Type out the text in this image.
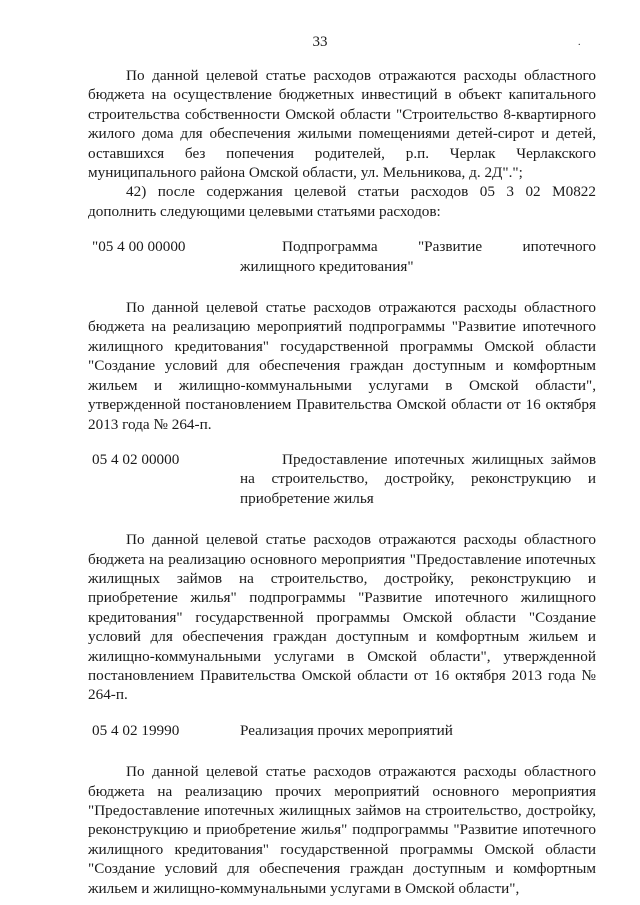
33	.

По данной целевой статье расходов отражаются расходы областного бюджета на осуществление бюджетных инвестиций в объект капитального строительства собственности Омской области "Строительство 8-квартирного жилого дома для обеспечения жилыми помещениями детей-сирот и детей, оставшихся без попечения родителей, р.п. Черлак Черлакского муниципального района Омской области, ул. Мельникова, д. 2Д".";

42) после содержания целевой статьи расходов 05 3 02 М0822 дополнить следующими целевыми статьями расходов:

"05 4 00 00000	Подпрограмма "Развитие ипотечного жилищного кредитования"

По данной целевой статье расходов отражаются расходы областного бюджета на реализацию мероприятий подпрограммы "Развитие ипотечного жилищного кредитования" государственной программы Омской области "Создание условий для обеспечения граждан доступным и комфортным жильем и жилищно-коммунальными услугами в Омской области", утвержденной постановлением Правительства Омской области от 16 октября 2013 года № 264-п.

05 4 02 00000	Предоставление ипотечных жилищных займов на строительство, достройку, реконструкцию и приобретение жилья

По данной целевой статье расходов отражаются расходы областного бюджета на реализацию основного мероприятия "Предоставление ипотечных жилищных займов на строительство, достройку, реконструкцию и приобретение жилья" подпрограммы "Развитие ипотечного жилищного кредитования" государственной программы Омской области "Создание условий для обеспечения граждан доступным и комфортным жильем и жилищно-коммунальными услугами в Омской области", утвержденной постановлением Правительства Омской области от 16 октября 2013 года № 264-п.

05 4 02 19990	Реализация прочих мероприятий

По данной целевой статье расходов отражаются расходы областного бюджета на реализацию прочих мероприятий основного мероприятия "Предоставление ипотечных жилищных займов на строительство, достройку, реконструкцию и приобретение жилья" подпрограммы "Развитие ипотечного жилищного кредитования" государственной программы Омской области "Создание условий для обеспечения граждан доступным и комфортным жильем и жилищно-коммунальными услугами в Омской области",
